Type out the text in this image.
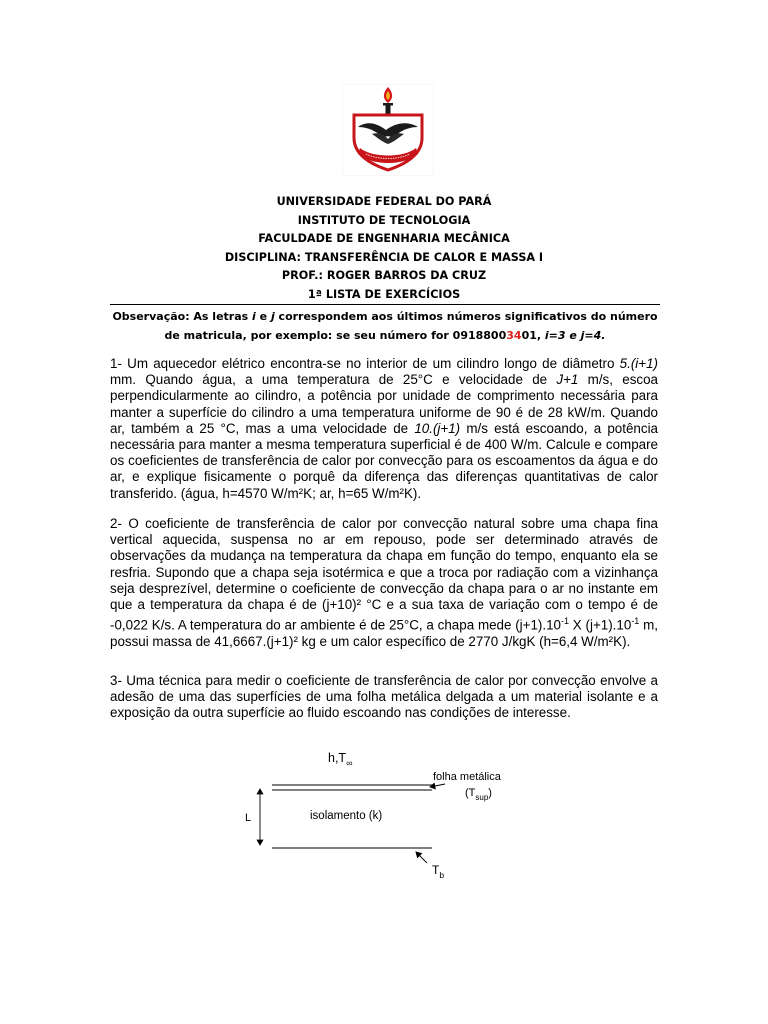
UNIVERSIDADE FEDERAL DO PARÁ
INSTITUTO DE TECNOLOGIA
FACULDADE DE ENGENHARIA MECÂNICA
DISCIPLINA: TRANSFERÊNCIA DE CALOR E MASSA I
PROF.: ROGER BARROS DA CRUZ
1ª LISTA DE EXERCÍCIOS
Observação: As letras i e j correspondem aos últimos números significativos do número de matricula, por exemplo: se seu número for 09188003401, i=3 e j=4.
1- Um aquecedor elétrico encontra-se no interior de um cilindro longo de diâmetro 5.(i+1) mm. Quando água, a uma temperatura de 25°C e velocidade de J+1 m/s, escoa perpendicularmente ao cilindro, a potência por unidade de comprimento necessária para manter a superfície do cilindro a uma temperatura uniforme de 90 é de 28 kW/m. Quando ar, também a 25 °C, mas a uma velocidade de 10.(j+1) m/s está escoando, a potência necessária para manter a mesma temperatura superficial é de 400 W/m. Calcule e compare os coeficientes de transferência de calor por convecção para os escoamentos da água e do ar, e explique fisicamente o porquê da diferença das diferenças quantitativas de calor transferido. (água, h=4570 W/m²K; ar, h=65 W/m²K).
2- O coeficiente de transferência de calor por convecção natural sobre uma chapa fina vertical aquecida, suspensa no ar em repouso, pode ser determinado através de observações da mudança na temperatura da chapa em função do tempo, enquanto ela se resfria. Supondo que a chapa seja isotérmica e que a troca por radiação com a vizinhança seja desprezível, determine o coeficiente de convecção da chapa para o ar no instante em que a temperatura da chapa é de (j+10)² °C e a sua taxa de variação com o tempo é de -0,022 K/s. A temperatura do ar ambiente é de 25°C, a chapa mede $(j+1).10^{-1}$ X $(j+1).10^{-1}$ m, possui massa de 41,6667.(j+1)² kg e um calor específico de 2770 J/kgK (h=6,4 W/m²K).
3- Uma técnica para medir o coeficiente de transferência de calor por convecção envolve a adesão de uma das superfícies de uma folha metálica delgada a um material isolante e a exposição da outra superfície ao fluido escoando nas condições de interesse.
$h,T_\infty$
folha metálica
$(T_{sup})$
L	isolamento (k)
$T_b$
